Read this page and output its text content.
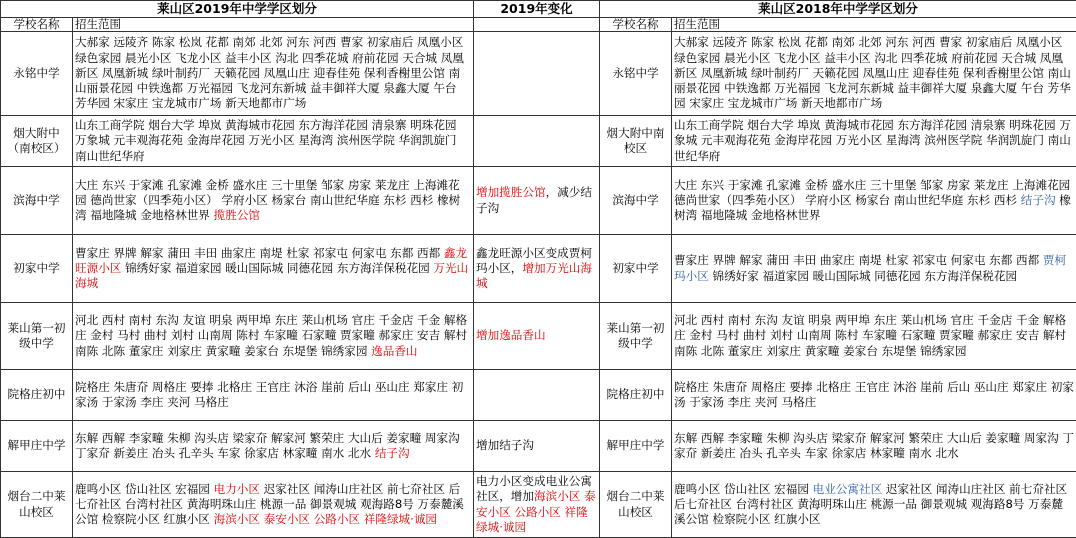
莱山区2019年中学学区划分		2019年变化	莱山区2018年中学学区划分	
学校名称	招生范围		学校名称	招生范围
永铭中学	大郝家 远陵齐 陈家 松岚 花都 南郊 北郊 河东 河西 曹家 初家庙后 凤凰小区 绿色家园 晨光小区 飞龙小区 益丰小区 沟北 四季花城 府前花园 天合城 凤凰新区 凤凰新城 绿叶制药厂 天籁花园 凤凰山庄 迎春佳苑 保利香榭里公馆 南山丽景花园 中铁逸都 万光福园 飞龙河东新城 益丰御祥大厦 泉鑫大厦 午台 芳华园 宋家庄 宝龙城市广场 新天地都市广场		永铭中学	大郝家 远陵齐 陈家 松岚 花都 南郊 北郊 河东 河西 曹家 初家庙后 凤凰小区 绿色家园 晨光小区 飞龙小区 益丰小区 沟北 四季花城 府前花园 天合城 凤凰新区 凤凰新城 绿叶制药厂 天籁花园 凤凰山庄 迎春佳苑 保利香榭里公馆 南山丽景花园 中铁逸都 万光福园 飞龙河东新城 益丰御祥大厦 泉鑫大厦 午台 芳华园 宋家庄 宝龙城市广场 新天地都市广场
烟大附中（南校区）	山东工商学院 烟台大学 埠岚 黄海城市花园 东方海洋花园 清泉寨 明珠花园 万象城 元丰观海花苑 金海岸花园 万光小区 星海湾 滨州医学院 华润凯旋门 南山世纪华府		烟大附中南校区	山东工商学院 烟台大学 埠岚 黄海城市花园 东方海洋花园 清泉寨 明珠花园 万象城 元丰观海花苑 金海岸花园 万光小区 星海湾 滨州医学院 华润凯旋门 南山世纪华府
滨海中学	大庄 东兴 于家滩 孔家滩 金桥 盛水庄 三十里堡 邹家 房家 莱龙庄 上海滩花园 德尚世家（四季苑小区） 学府小区 杨家台 南山世纪华庭 东杉 西杉 橡树湾 福地隆城 金地格林世界 揽胜公馆	增加揽胜公馆，减少结子沟	滨海中学	大庄 东兴 于家滩 孔家滩 金桥 盛水庄 三十里堡 邹家 房家 莱龙庄 上海滩花园 德尚世家（四季苑小区） 学府小区 杨家台 南山世纪华庭 东杉 西杉 结子沟 橡树湾 福地隆城 金地格林世界
初家中学	曹家庄 界牌 解家 蒲田 丰田 曲家庄 南堤 杜家 祁家屯 何家屯 东都 西都 鑫龙旺源小区 锦绣好家 福道家园 暖山国际城 同德花园 东方海洋保税花园 万光山海城	鑫龙旺源小区变成贾柯玛小区，增加万光山海城	初家中学	曹家庄 界牌 解家 蒲田 丰田 曲家庄 南堤 杜家 祁家屯 何家屯 东都 西都 贾柯玛小区 锦绣好家 福道家园 暖山国际城 同德花园 东方海洋保税花园
莱山第一初级中学	河北 西村 南村 东沟 友谊 明泉 两甲埠 东庄 莱山机场 官庄 千金店 千金 解格庄 金村 马村 曲村 刘村 山南周 陈村 车家疃 石家疃 贾家疃 郝家庄 安吉 解村 南陈 北陈 董家庄 刘家庄 黄家疃 姜家台 东堤堡 锦绣家园 逸品香山	增加逸品香山	莱山第一初级中学	河北 西村 南村 东沟 友谊 明泉 两甲埠 东庄 莱山机场 官庄 千金店 千金 解格庄 金村 马村 曲村 刘村 山南周 陈村 车家疃 石家疃 贾家疃 郝家庄 安吉 解村 南陈 北陈 董家庄 刘家庄 黄家疃 姜家台 东堤堡 锦绣家园
院格庄初中	院格庄 朱唐夼 周格庄 要捧 北格庄 王官庄 沐浴 崖前 后山 巫山庄 郑家庄 初家汤 于家汤 李庄 夹河 马格庄		院格庄初中	院格庄 朱唐夼 周格庄 要捧 北格庄 王官庄 沐浴 崖前 后山 巫山庄 郑家庄 初家汤 于家汤 李庄 夹河 马格庄
解甲庄中学	东解 西解 李家疃 朱柳 沟头店 梁家夼 解家河 繁荣庄 大山后 姜家疃 周家沟 丁家夼 新姜庄 冶头 孔辛头 车家 徐家店 林家疃 南水 北水 结子沟	增加结子沟	解甲庄中学	东解 西解 李家疃 朱柳 沟头店 梁家夼 解家河 繁荣庄 大山后 姜家疃 周家沟 丁家夼 新姜庄 冶头 孔辛头 车家 徐家店 林家疃 南水 北水
烟台二中莱山校区	鹿鸣小区 岱山社区 宏福园 电力小区 迟家社区 闻涛山庄社区 前七夼社区 后七夼社区 台湾村社区 黄海明珠山庄 桃源一品 御景观城 观海路8号 万泰麓溪公馆 检察院小区 红旗小区 海滨小区 泰安小区 公路小区 祥隆绿城·诚园	电力小区变成电业公寓社区，增加海滨小区 泰安小区 公路小区 祥隆绿城·诚园	烟台二中莱山校区	鹿鸣小区 岱山社区 宏福园 电业公寓社区 迟家社区 闻涛山庄社区 前七夼社区 后七夼社区 台湾村社区 黄海明珠山庄 桃源一品 御景观城 观海路8号 万泰麓溪公馆 检察院小区 红旗小区
